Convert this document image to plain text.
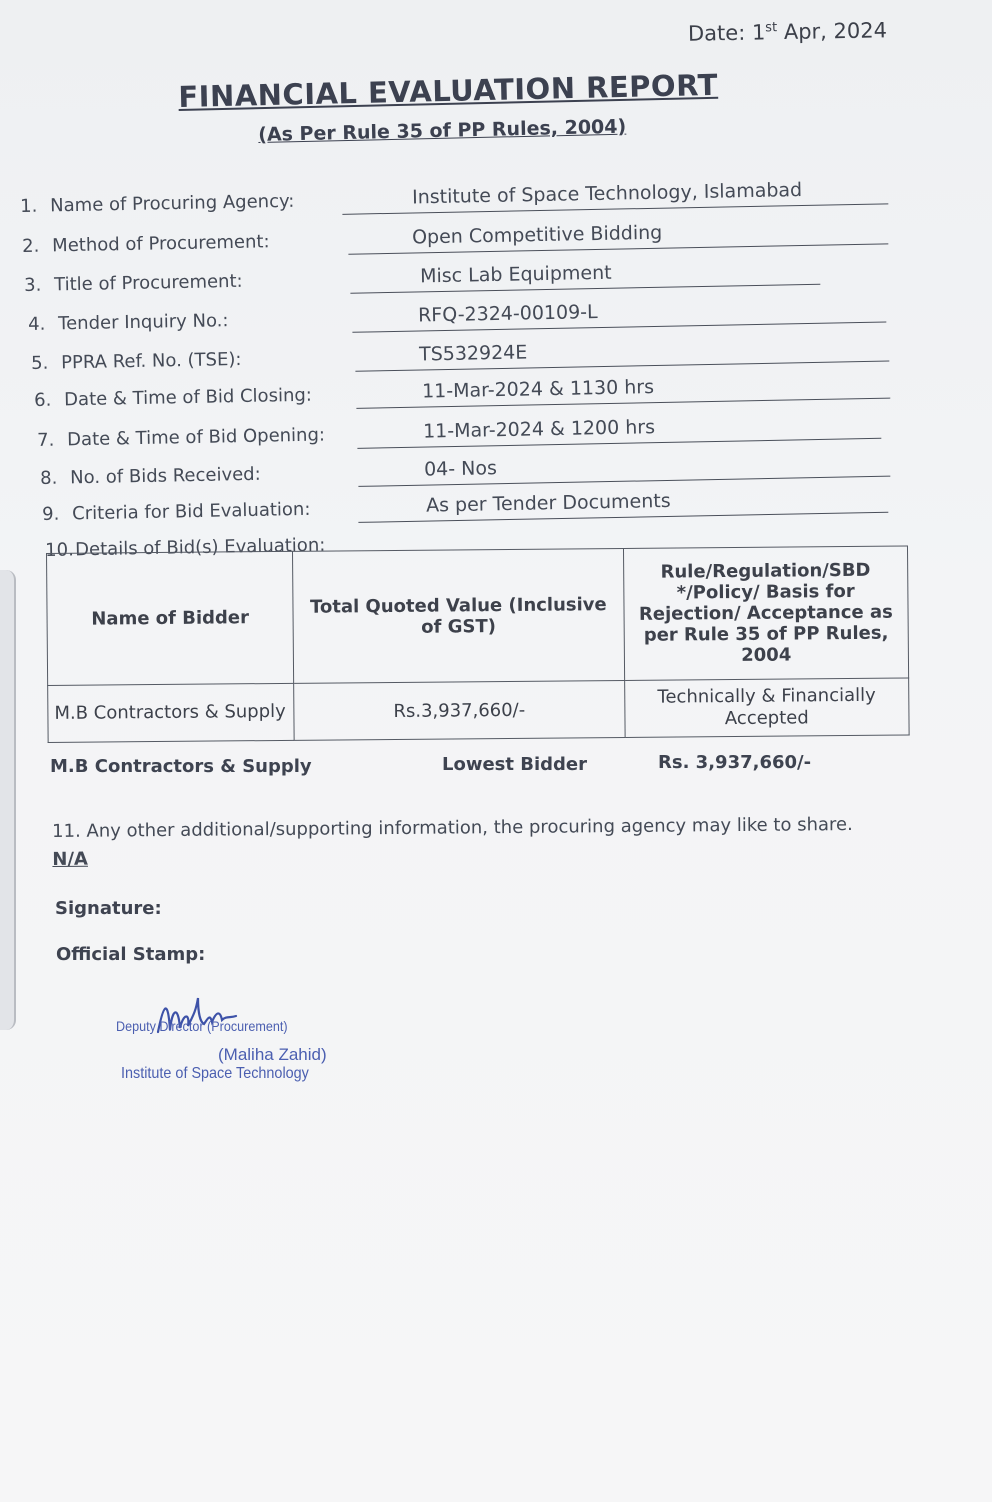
Date: 1st Apr, 2024
FINANCIAL EVALUATION REPORT
(As Per Rule 35 of PP Rules, 2004)
1. Name of Procuring Agency:	Institute of Space Technology, Islamabad
2. Method of Procurement:	Open Competitive Bidding
3. Title of Procurement:	Misc Lab Equipment
4. Tender Inquiry No.:	RFQ-2324-00109-L
5. PPRA Ref. No. (TSE):	TS532924E
6. Date & Time of Bid Closing:	11-Mar-2024 & 1130 hrs
7. Date & Time of Bid Opening:	11-Mar-2024 & 1200 hrs
8. No. of Bids Received:	04- Nos
9. Criteria for Bid Evaluation:	As per Tender Documents
10. Details of Bid(s) Evaluation:
Name of Bidder	Total Quoted Value (Inclusive of GST)	Rule/Regulation/SBD */Policy/ Basis for Rejection/ Acceptance as per Rule 35 of PP Rules, 2004
M.B Contractors & Supply	Rs.3,937,660/-	Technically & Financially Accepted
M.B Contractors & Supply	Lowest Bidder	Rs. 3,937,660/-
11. Any other additional/supporting information, the procuring agency may like to share. N/A
Signature:
Official Stamp:
Deputy Director (Procurement)
(Maliha Zahid)
Institute of Space Technology
